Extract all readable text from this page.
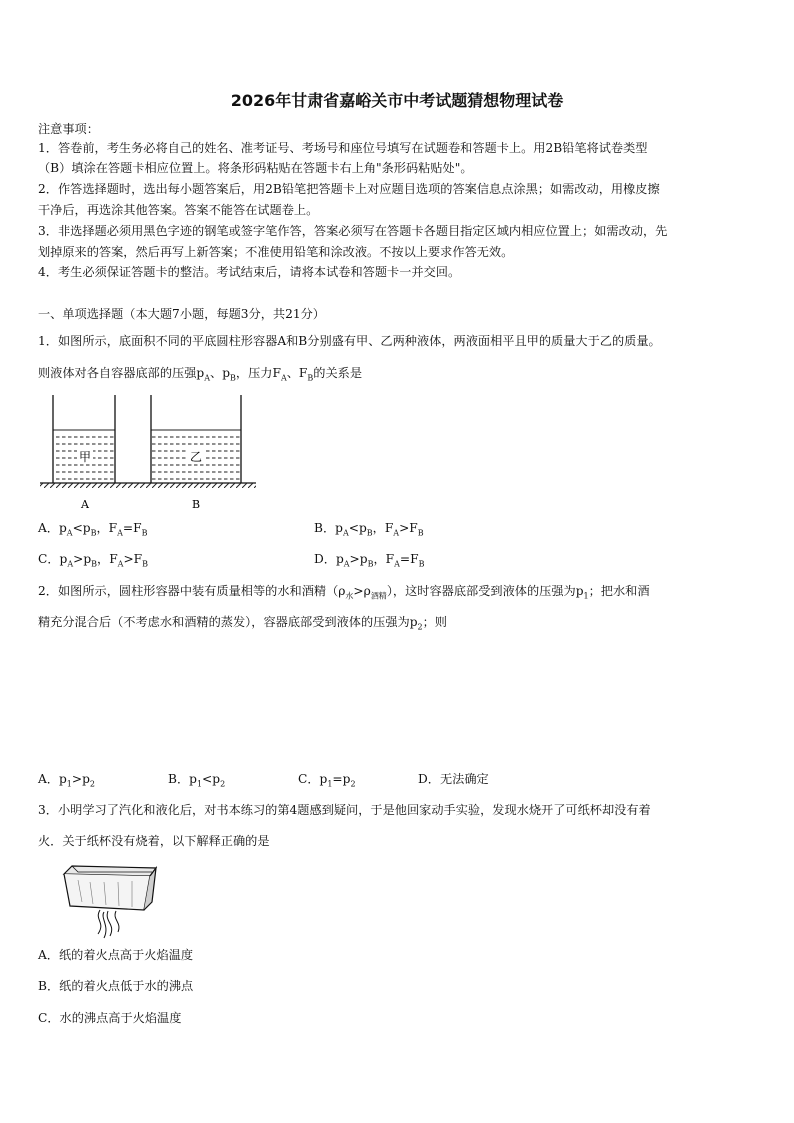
2026年甘肃省嘉峪关市中考试题猜想物理试卷
注意事项：
1．答卷前，考生务必将自己的姓名、准考证号、考场号和座位号填写在试题卷和答题卡上。用2B铅笔将试卷类型
（B）填涂在答题卡相应位置上。将条形码粘贴在答题卡右上角"条形码粘贴处"。
2．作答选择题时，选出每小题答案后，用2B铅笔把答题卡上对应题目选项的答案信息点涂黑；如需改动，用橡皮擦
干净后，再选涂其他答案。答案不能答在试题卷上。
3．非选择题必须用黑色字迹的钢笔或签字笔作答，答案必须写在答题卡各题目指定区域内相应位置上；如需改动，先
划掉原来的答案，然后再写上新答案；不准使用铅笔和涂改液。不按以上要求作答无效。
4．考生必须保证答题卡的整洁。考试结束后，请将本试卷和答题卡一并交回。
一、单项选择题（本大题7小题，每题3分，共21分）
1．如图所示，底面积不同的平底圆柱形容器A和B分别盛有甲、乙两种液体，两液面相平且甲的质量大于乙的质量。
则液体对各自容器底部的压强$p_A$、$p_B$，压力$F_A$、$F_B$的关系是
甲	乙
A	B
A．$p_A<p_B$，$F_A=F_B$	B．$p_A<p_B$，$F_A>F_B$
C．$p_A>p_B$，$F_A>F_B$	D．$p_A>p_B$，$F_A=F_B$
2．如图所示，圆柱形容器中装有质量相等的水和酒精$(\rho_水>\rho_{酒精})$，这时容器底部受到液体的压强为$p_1$；把水和酒
精充分混合后（不考虑水和酒精的蒸发），容器底部受到液体的压强为$p_2$；则
A．$p_1>p_2$	B．$p_1<p_2$	C．$p_1=p_2$	D．无法确定
3．小明学习了汽化和液化后，对书本练习的第4题感到疑问，于是他回家动手实验，发现水烧开了可纸杯却没有着
火．关于纸杯没有烧着，以下解释正确的是
A．纸的着火点高于火焰温度
B．纸的着火点低于水的沸点
C．水的沸点高于火焰温度
